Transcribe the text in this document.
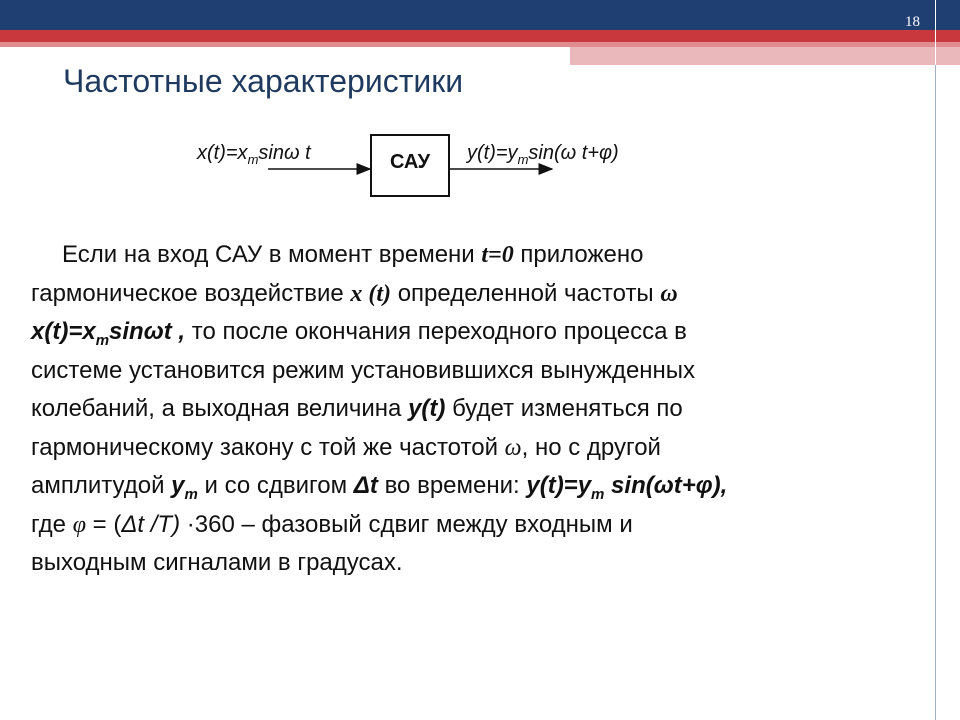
18
Частотные характеристики
$x(t)=x_m\sin\omega$ t	САУ $y(t)=y_m\sin(\omega$ t+φ)

Если на вход САУ в момент времени t=0 приложено

гармоническое воздействие x (t) определенной частоты ω

$x(t)=x_m\sin\omega t$ , то после окончания переходного процесса в

системе установится режим установившихся вынужденных

колебаний, а выходная величина y(t) будет изменяться по

гармоническому закону с той же частотой ω, но с другой

амплитудой $y_m$ и со сдвигом Δt во времени: $y(t)=y_m$ sin(ωt+φ),

где φ = (Δt /T) ·360 – фазовый сдвиг между входным и

выходным сигналами в градусах.
